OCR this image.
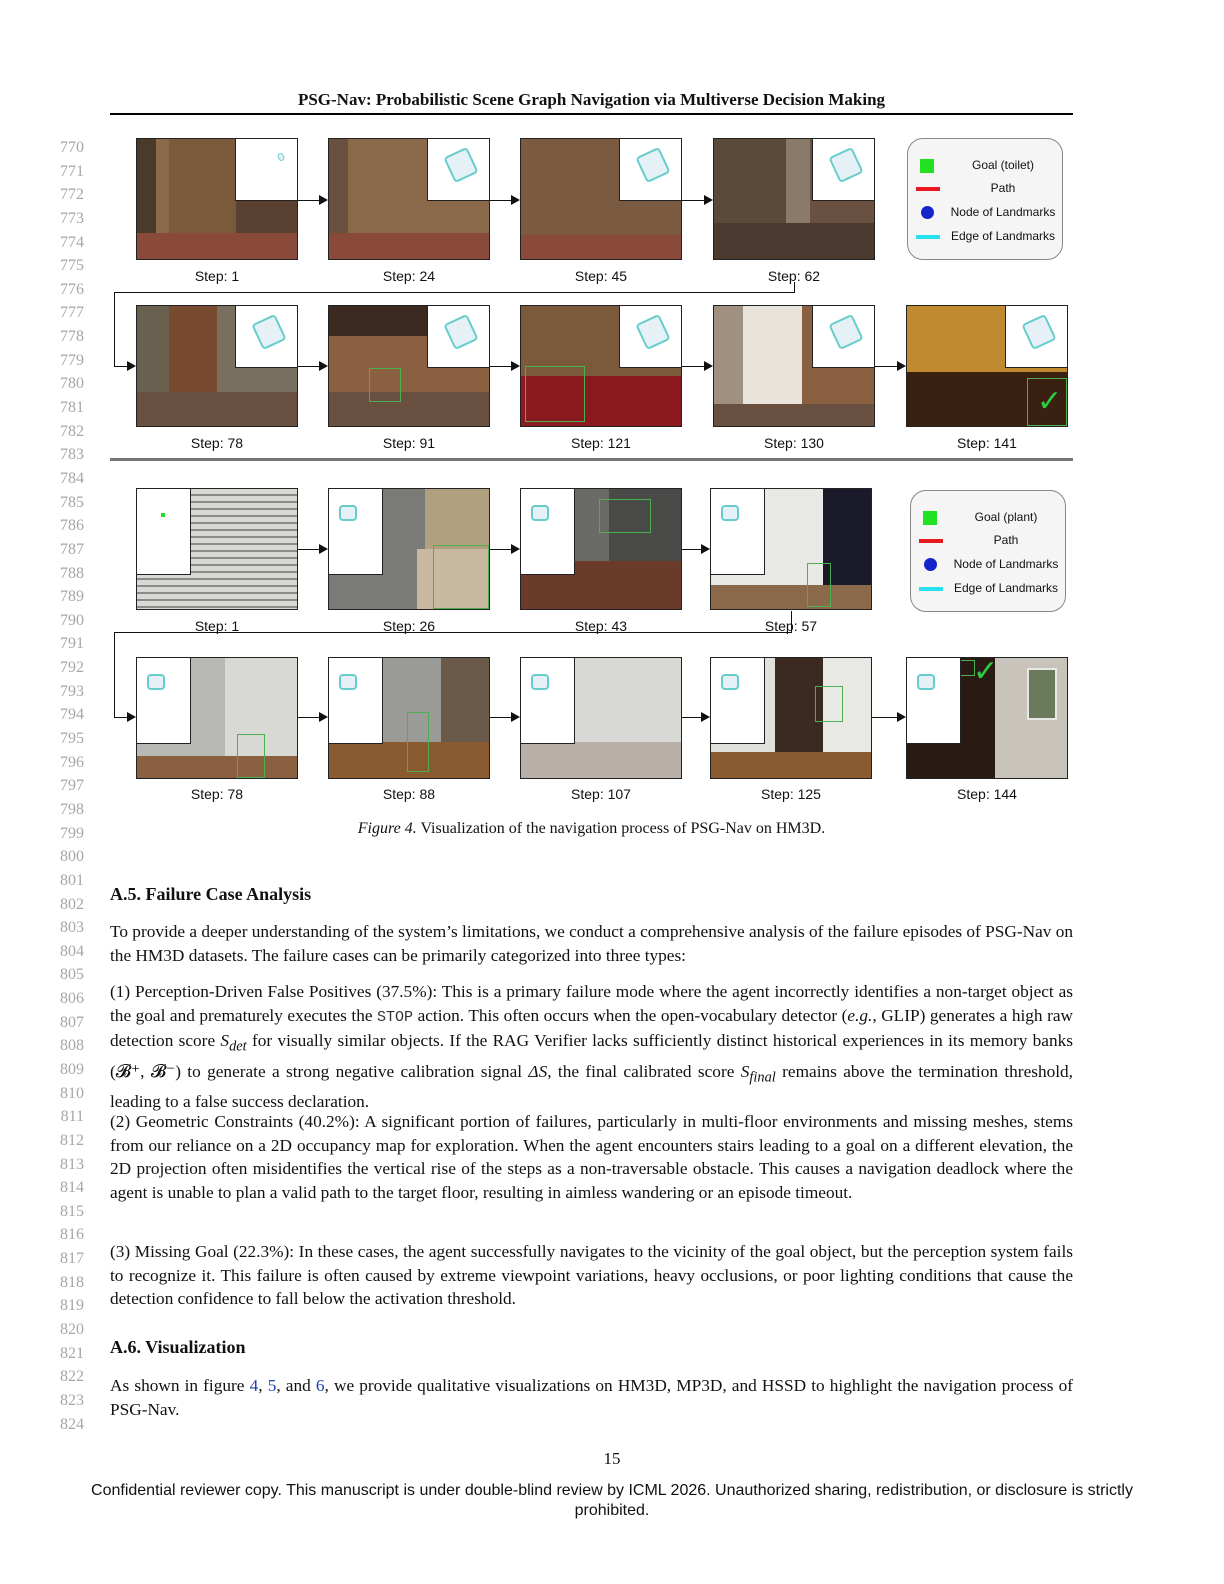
PSG-Nav: Probabilistic Scene Graph Navigation via Multiverse Decision Making
770
771
772
773
774
775
776
777
778
779
780
781
782
783
784
785
786
787
788
789
790
791
792
793
794
795
796
797
798
799
800
801
802
803
804
805
806
807
808
809
810
811
812
813
814
815
816
817
818
819
820
821
822
823
824
Step: 1	Step: 24	Step: 45	Step: 62
Goal (toilet)
Path
Node of Landmarks
Edge of Landmarks
✓
Step: 78	Step: 91	Step: 121	Step: 130	Step: 141
Step: 1	Step: 26	Step: 43	Step: 57
Goal (plant)
Path
Node of Landmarks
Edge of Landmarks
✓
Step: 78	Step: 88	Step: 107	Step: 125	Step: 144
Figure 4. Visualization of the navigation process of PSG-Nav on HM3D.
A.5. Failure Case Analysis
To provide a deeper understanding of the system’s limitations, we conduct a comprehensive analysis of the failure episodes of PSG-Nav on the HM3D datasets. The failure cases can be primarily categorized into three types:
(1) Perception-Driven False Positives (37.5%): This is a primary failure mode where the agent incorrectly identifies a non-target object as the goal and prematurely executes the STOP action. This often occurs when the open-vocabulary detector (e.g., GLIP) generates a high raw detection score $S_{det}$ for visually similar objects. If the RAG Verifier lacks sufficiently distinct historical experiences in its memory banks (𝓑⁺, 𝓑⁻) to generate a strong negative calibration signal ΔS, the final calibrated score $S_{final}$ remains above the termination threshold, leading to a false success declaration.
(2) Geometric Constraints (40.2%): A significant portion of failures, particularly in multi-floor environments and missing meshes, stems from our reliance on a 2D occupancy map for exploration. When the agent encounters stairs leading to a goal on a different elevation, the 2D projection often misidentifies the vertical rise of the steps as a non-traversable obstacle. This causes a navigation deadlock where the agent is unable to plan a valid path to the target floor, resulting in aimless wandering or an episode timeout.
(3) Missing Goal (22.3%): In these cases, the agent successfully navigates to the vicinity of the goal object, but the perception system fails to recognize it. This failure is often caused by extreme viewpoint variations, heavy occlusions, or poor lighting conditions that cause the detection confidence to fall below the activation threshold.
A.6. Visualization
As shown in figure 4, 5, and 6, we provide qualitative visualizations on HM3D, MP3D, and HSSD to highlight the navigation process of PSG-Nav.
15
Confidential reviewer copy. This manuscript is under double-blind review by ICML 2026. Unauthorized sharing, redistribution, or disclosure is strictly prohibited.
